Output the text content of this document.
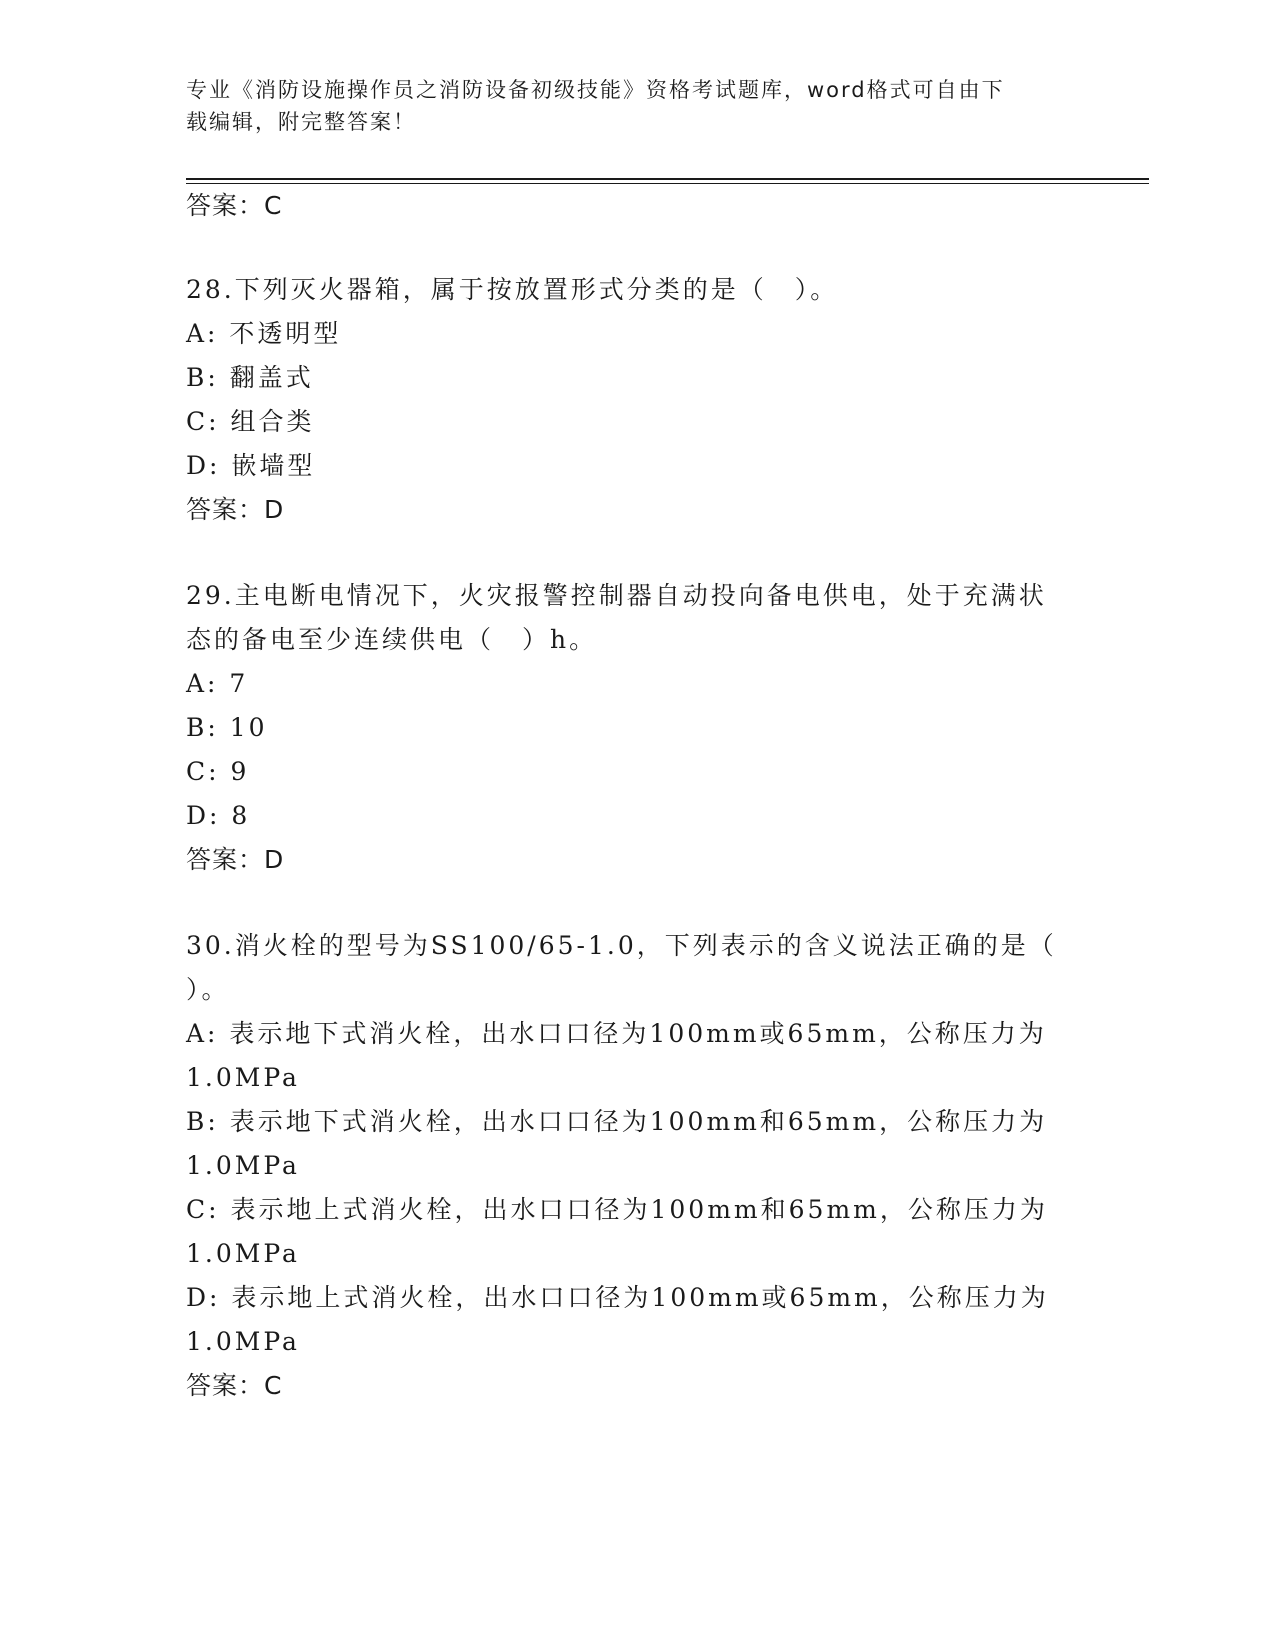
专业《消防设施操作员之消防设备初级技能》资格考试题库，word格式可自由下
载编辑，附完整答案！
答案：C
28.下列灭火器箱，属于按放置形式分类的是（　）。
A: 不透明型
B: 翻盖式
C: 组合类
D: 嵌墙型
答案：D
29.主电断电情况下，火灾报警控制器自动投向备电供电，处于充满状
态的备电至少连续供电（　）h。
A: 7
B: 10
C: 9
D: 8
答案：D
30.消火栓的型号为SS100/65-1.0，下列表示的含义说法正确的是（
）。
A: 表示地下式消火栓，出水口口径为100mm或65mm，公称压力为
1.0MPa
B: 表示地下式消火栓，出水口口径为100mm和65mm，公称压力为
1.0MPa
C: 表示地上式消火栓，出水口口径为100mm和65mm，公称压力为
1.0MPa
D: 表示地上式消火栓，出水口口径为100mm或65mm，公称压力为
1.0MPa
答案：C
